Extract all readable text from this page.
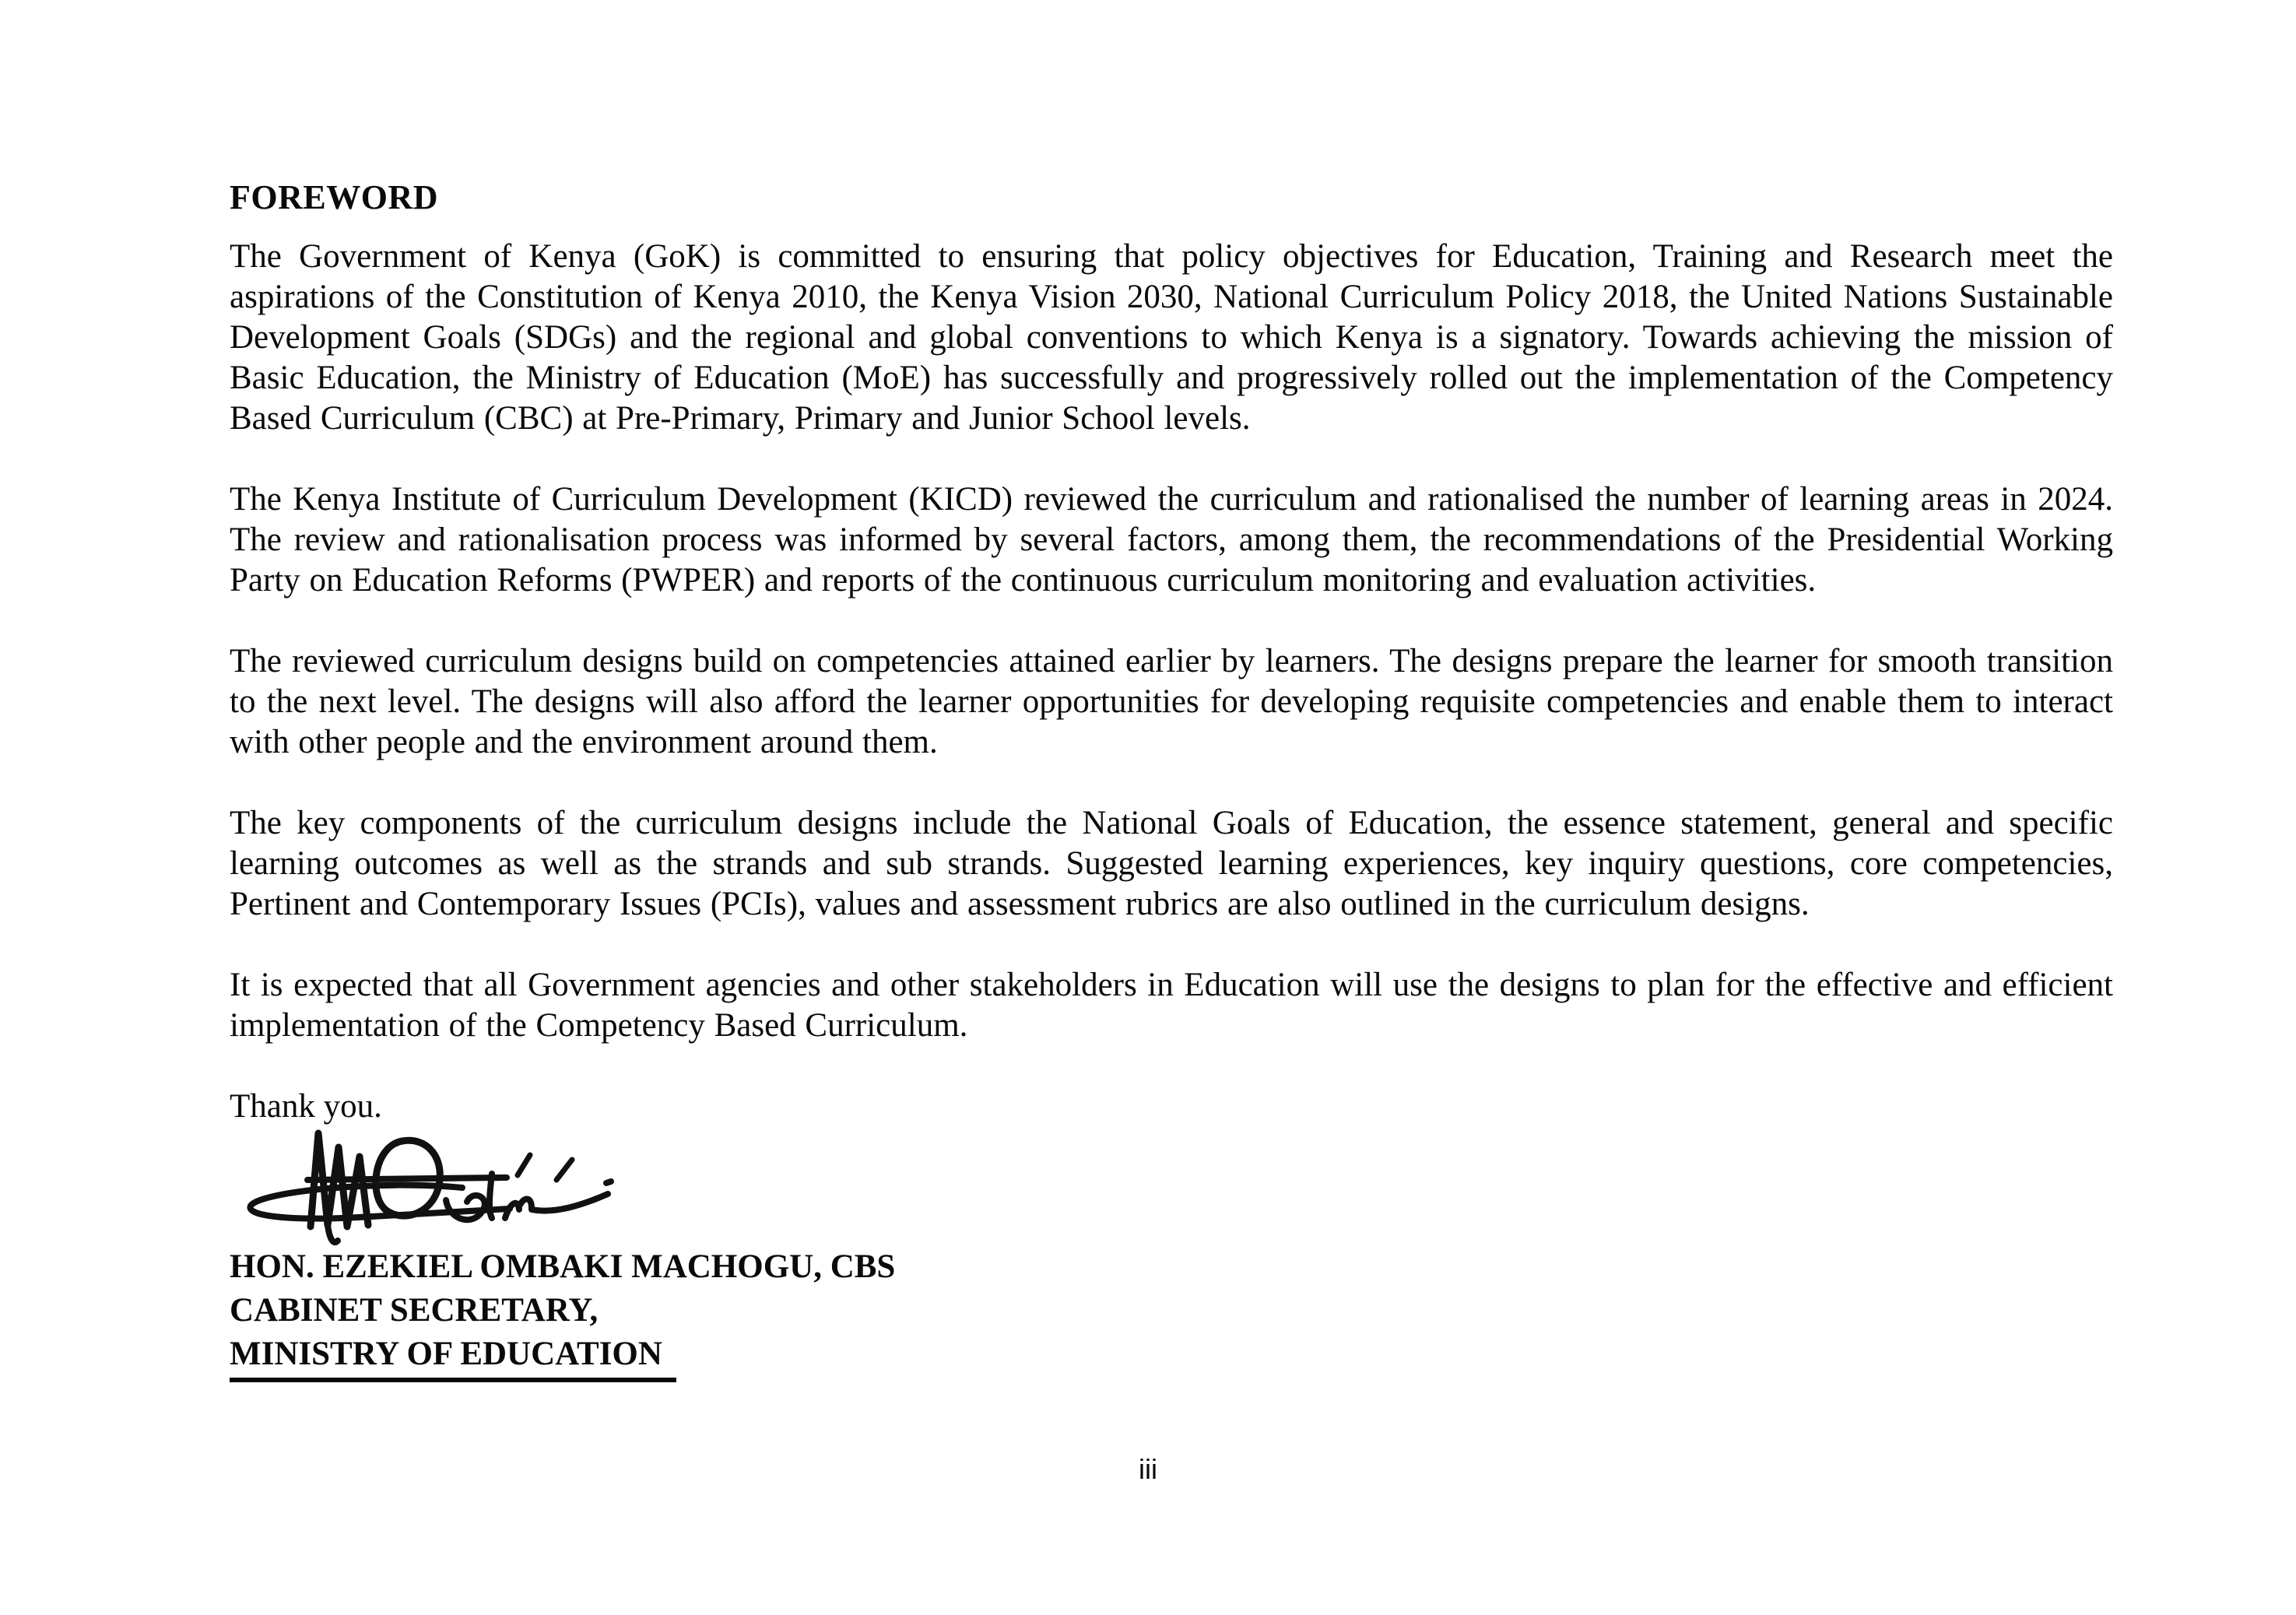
FOREWORD

The Government of Kenya (GoK) is committed to ensuring that policy objectives for Education, Training and Research meet the aspirations of the Constitution of Kenya 2010, the Kenya Vision 2030, National Curriculum Policy 2018, the United Nations Sustainable Development Goals (SDGs) and the regional and global conventions to which Kenya is a signatory. Towards achieving the mission of Basic Education, the Ministry of Education (MoE) has successfully and progressively rolled out the implementation of the Competency Based Curriculum (CBC) at Pre-Primary, Primary and Junior School levels.

The Kenya Institute of Curriculum Development (KICD) reviewed the curriculum and rationalised the number of learning areas in 2024. The review and rationalisation process was informed by several factors, among them, the recommendations of the Presidential Working Party on Education Reforms (PWPER) and reports of the continuous curriculum monitoring and evaluation activities.

The reviewed curriculum designs build on competencies attained earlier by learners. The designs prepare the learner for smooth transition to the next level. The designs will also afford the learner opportunities for developing requisite competencies and enable them to interact with other people and the environment around them.

The key components of the curriculum designs include the National Goals of Education, the essence statement, general and specific learning outcomes as well as the strands and sub strands. Suggested learning experiences, key inquiry questions, core competencies, Pertinent and Contemporary Issues (PCIs), values and assessment rubrics are also outlined in the curriculum designs.

It is expected that all Government agencies and other stakeholders in Education will use the designs to plan for the effective and efficient implementation of the Competency Based Curriculum.

Thank you.

HON. EZEKIEL OMBAKI MACHOGU, CBS

CABINET SECRETARY,

MINISTRY OF EDUCATION

iii
